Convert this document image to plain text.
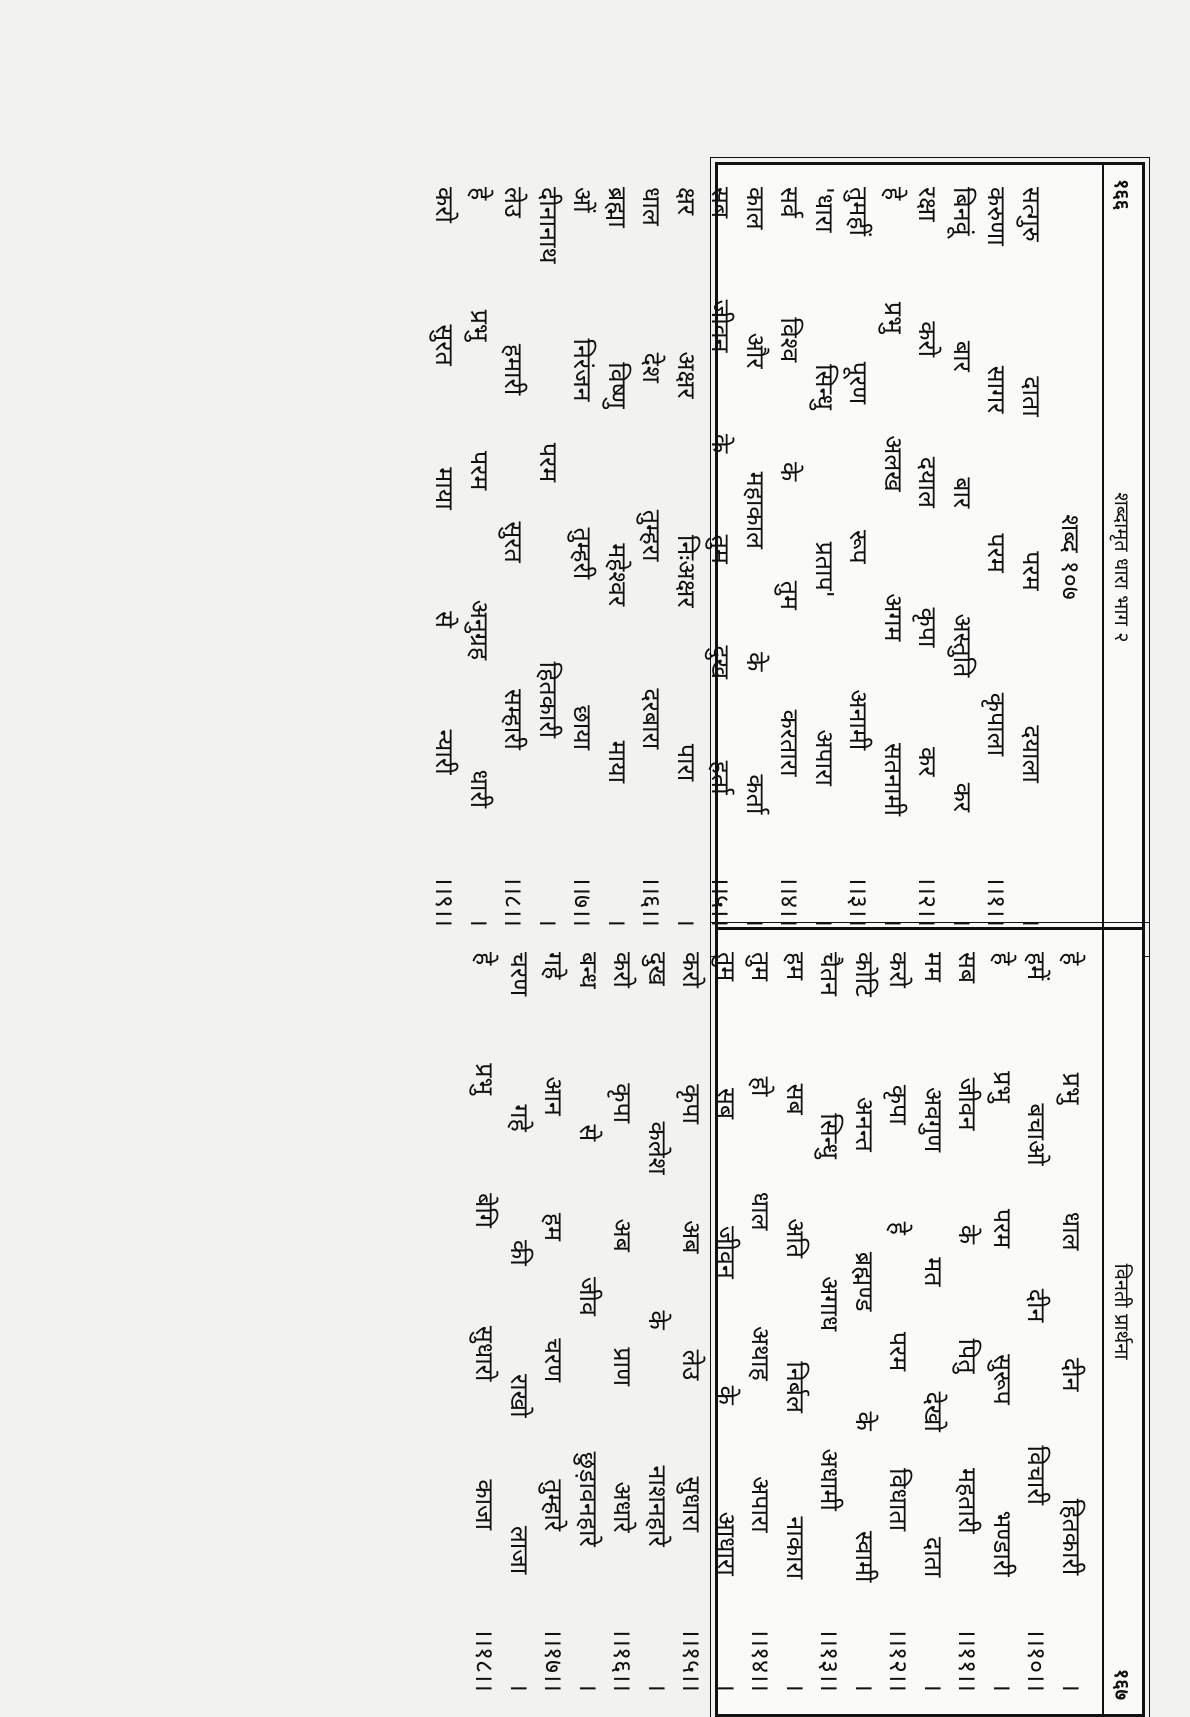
१६६
शब्दामृत धारा भाग २
शब्द १०७
सत्गुरु
दाता
परम
दयाला
।
करुणा
सागर
परम
कृपाला
।।१।।
बिनवूं
बार
बार
अस्तुति
कर
।
रक्षा
करो
दयाल
कृपा
कर
।।२।।
हे
प्रभु
अलख
अगम
सतनामी
।
तुमहीं
पूरण
रूप
अनामी
।।३।।
'धारा
सिन्धु
प्रताप'
अपारा
।
सर्व
विश्व
के
तुम
करतारा
।।४।।
काल
और
महाकाल
के
कर्ता
।
सब
जीवन
के
तुम
दुख
हर्ता
।।५।।
क्षर
अक्षर
निःअक्षर
पारा
।
धाल
देश
तुम्हरा
दरबारा
।।६।।
ब्रह्मा
विष्णु
महेश्वर
माया
।
ओं
निरंजन
तुम्हरी
छाया
।।७।।
दीनानाथ
परम
हितकारी
।
लेउ
हमारी
सुरत
सम्हारी
।।८।।
हे
प्रभु
परम
अनुग्रह
धारी
।
करो
सुरत
माया
से
न्यारी
।।९।।
विनती प्रार्थना
१६७
हे
प्रभु
धाल
दीन
हितकारी
।
हमें
बचाओ
दीन
विचारी
।।१०।।
हे
प्रभु
परम
सुरूप
भण्डारी
।
सब
जीवन
के
पितु
महतारी
।।११।।
मम
अवगुण
मत
देखो
दाता
।
करो
कृपा
हे
परम
विधाता
।।१२।।
कोटि
अनन्त
ब्रह्मण्ड
के
स्वामी
।
चैतन
सिन्धु
अगाध
अधामी
।।१३।।
हम
सब
अति
निर्बल
नाकारा
।
तुम
हो
धाल
अथाह
अपारा
।।१४।।
तुम
सब
जीवन
के
आधारा
।
करो
कृपा
अब
लेउ
सुधारा
।।१५।।
दुख
कलेश
के
नाशनहारे
।
करो
कृपा
अब
प्राण
अधारे
।।१६।।
बन्ध
से
जीव
छुड़ावनहारे
।
गहे
आन
हम
चरण
तुम्हारे
।।१७।।
चरण
गहे
की
राखो
लाजा
।
हे
प्रभु
बेगि
सुधारो
काजा
।।१८।।
